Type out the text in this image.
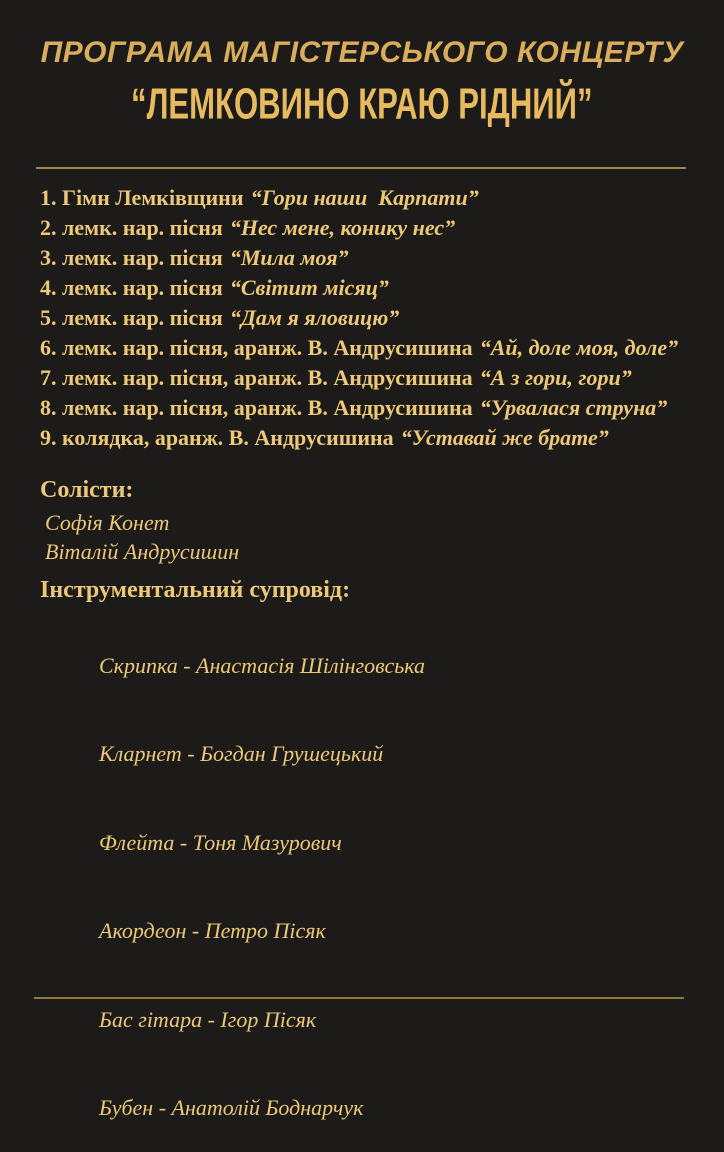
ПРОГРАМА МАГІСТЕРСЬКОГО КОНЦЕРТУ
“ЛЕМКОВИНО КРАЮ РІДНИЙ”
1. Гімн Лемківщини “Гори наши  Карпати”
2. лемк. нар. пісня “Нес мене, конику нес”
3. лемк. нар. пісня “Мила моя”
4. лемк. нар. пісня “Світит місяц”
5. лемк. нар. пісня “Дам я яловицю”
6. лемк. нар. пісня, аранж. В. Андрусишина “Ай, доле моя, доле”
7. лемк. нар. пісня, аранж. В. Андрусишина “А з гори, гори”
8. лемк. нар. пісня, аранж. В. Андрусишина “Урвалася струна”
9. колядка, аранж. В. Андрусишина “Уставай же брате”
Солісти:
Софія Конет
Віталій Андрусишин
Інструментальний супровід:

Скрипка - Анастасія Шілінговська

Кларнет - Богдан Грушецький

Флейта - Тоня Мазурович

Акордеон - Петро Пісяк

Бас гітара - Ігор Пісяк

Бубен - Анатолій Боднарчук
